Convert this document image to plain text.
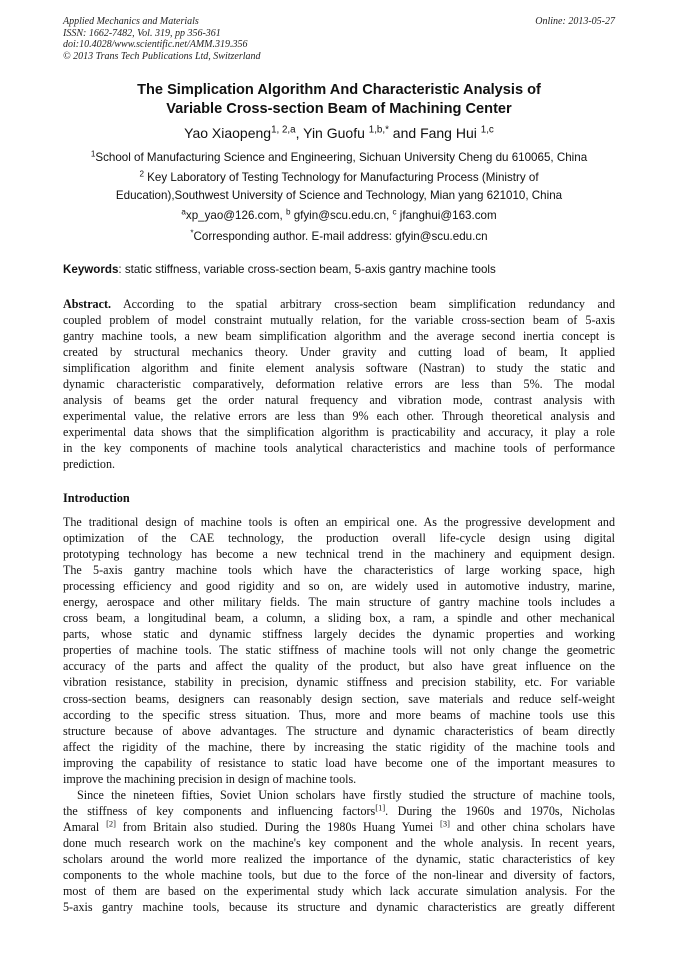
Applied Mechanics and Materials
ISSN: 1662-7482, Vol. 319, pp 356-361
doi:10.4028/www.scientific.net/AMM.319.356
© 2013 Trans Tech Publications Ltd, Switzerland
Online: 2013-05-27
The Simplication Algorithm And Characteristic Analysis of
Variable Cross-section Beam of Machining Center
Yao Xiaopeng$^{1, 2,a}$, Yin Guofu $^{1,b,*}$ and Fang Hui $^{1,c}$
$^1$School of Manufacturing Science and Engineering, Sichuan University Cheng du 610065, China
$^2$ Key Laboratory of Testing Technology for Manufacturing Process (Ministry of
Education),Southwest University of Science and Technology, Mian yang 621010, China
$^a$xp_yao@126.com, $^b$ gfyin@scu.edu.cn, $^c$ jfanghui@163.com
*Corresponding author. E-mail address: gfyin@scu.edu.cn
Keywords: static stiffness, variable cross-section beam, 5-axis gantry machine tools
Abstract. According to the spatial arbitrary cross-section beam simplification redundancy and
coupled problem of model constraint mutually relation, for the variable cross-section beam of 5-axis
gantry machine tools, a new beam simplification algorithm and the average second inertia concept is
created by structural mechanics theory. Under gravity and cutting load of beam, It applied
simplification algorithm and finite element analysis software (Nastran) to study the static and
dynamic characteristic comparatively, deformation relative errors are less than 5%. The modal
analysis of beams get the order natural frequency and vibration mode, contrast analysis with
experimental value, the relative errors are less than 9% each other. Through theoretical analysis and
experimental data shows that the simplification algorithm is practicability and accuracy, it play a role
in the key components of machine tools analytical characteristics and machine tools of performance
prediction.
Introduction
The traditional design of machine tools is often an empirical one. As the progressive development and
optimization of the CAE technology, the production overall life-cycle design using digital
prototyping technology has become a new technical trend in the machinery and equipment design.
The 5-axis gantry machine tools which have the characteristics of large working space, high
processing efficiency and good rigidity and so on, are widely used in automotive industry, marine,
energy, aerospace and other military fields. The main structure of gantry machine tools includes a
cross beam, a longitudinal beam, a column, a sliding box, a ram, a spindle and other mechanical
parts, whose static and dynamic stiffness largely decides the dynamic properties and working
properties of machine tools. The static stiffness of machine tools will not only change the geometric
accuracy of the parts and affect the quality of the product, but also have great influence on the
vibration resistance, stability in precision, dynamic stiffness and precision stability, etc. For variable
cross-section beams, designers can reasonably design section, save materials and reduce self-weight
according to the specific stress situation. Thus, more and more beams of machine tools use this
structure because of above advantages. The structure and dynamic characteristics of beam directly
affect the rigidity of the machine, there by increasing the static rigidity of the machine tools and
improving the capability of resistance to static load have become one of the important measures to
improve the machining precision in design of machine tools.
Since the nineteen fifties, Soviet Union scholars have firstly studied the structure of machine tools,
the stiffness of key components and influencing factors[1]. During the 1960s and 1970s, Nicholas
Amaral [2] from Britain also studied. During the 1980s Huang Yumei [3] and other china scholars have
done much research work on the machine's key component and the whole analysis. In recent years,
scholars around the world more realized the importance of the dynamic, static characteristics of key
components to the whole machine tools, but due to the force of the non-linear and diversity of factors,
most of them are based on the experimental study which lack accurate simulation analysis. For the
5-axis gantry machine tools, because its structure and dynamic characteristics are greatly different
